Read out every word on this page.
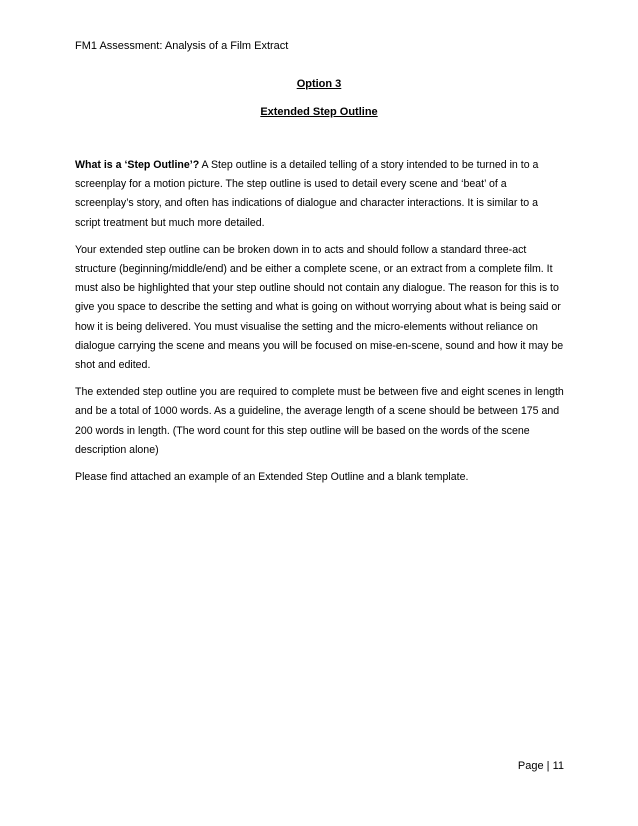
FM1 Assessment: Analysis of a Film Extract
Option 3
Extended Step Outline

What is a ‘Step Outline’? A Step outline is a detailed telling of a story intended to be turned in to a screenplay for a motion picture. The step outline is used to detail every scene and ‘beat’ of a screenplay’s story, and often has indications of dialogue and character interactions. It is similar to a script treatment but much more detailed.

Your extended step outline can be broken down in to acts and should follow a standard three-act structure (beginning/middle/end) and be either a complete scene, or an extract from a complete film. It must also be highlighted that your step outline should not contain any dialogue. The reason for this is to give you space to describe the setting and what is going on without worrying about what is being said or how it is being delivered. You must visualise the setting and the micro-elements without reliance on dialogue carrying the scene and means you will be focused on mise-en-scene, sound and how it may be shot and edited.

The extended step outline you are required to complete must be between five and eight scenes in length and be a total of 1000 words. As a guideline, the average length of a scene should be between 175 and 200 words in length. (The word count for this step outline will be based on the words of the scene description alone)

Please find attached an example of an Extended Step Outline and a blank template.

Page | 11
